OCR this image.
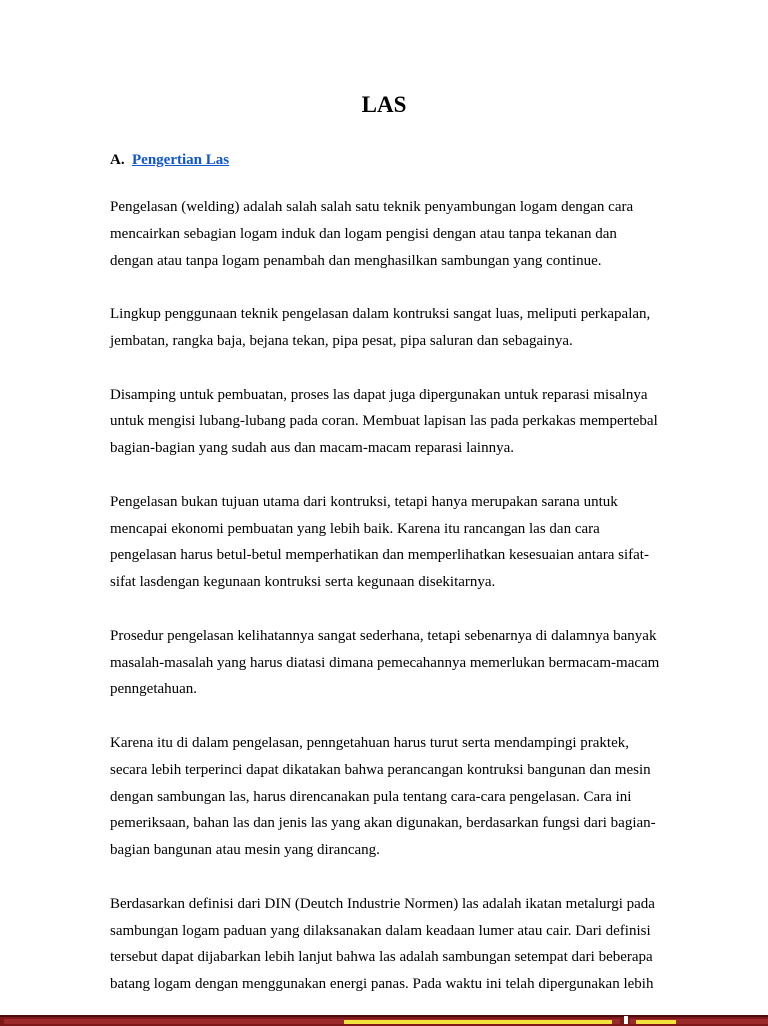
LAS
A. Pengertian Las

Pengelasan (welding) adalah salah salah satu teknik penyambungan logam dengan cara
mencairkan sebagian logam induk dan logam pengisi dengan atau tanpa tekanan dan
dengan atau tanpa logam penambah dan menghasilkan sambungan yang continue.

Lingkup penggunaan teknik pengelasan dalam kontruksi sangat luas, meliputi perkapalan,
jembatan, rangka baja, bejana tekan, pipa pesat, pipa saluran dan sebagainya.

Disamping untuk pembuatan, proses las dapat juga dipergunakan untuk reparasi misalnya
untuk mengisi lubang-lubang pada coran. Membuat lapisan las pada perkakas mempertebal
bagian-bagian yang sudah aus dan macam-macam reparasi lainnya.

Pengelasan bukan tujuan utama dari kontruksi, tetapi hanya merupakan sarana untuk
mencapai ekonomi pembuatan yang lebih baik. Karena itu rancangan las dan cara
pengelasan harus betul-betul memperhatikan dan memperlihatkan kesesuaian antara sifat-
sifat lasdengan kegunaan kontruksi serta kegunaan disekitarnya.

Prosedur pengelasan kelihatannya sangat sederhana, tetapi sebenarnya di dalamnya banyak
masalah-masalah yang harus diatasi dimana pemecahannya memerlukan bermacam-macam
penngetahuan.

Karena itu di dalam pengelasan, penngetahuan harus turut serta mendampingi praktek,
secara lebih terperinci dapat dikatakan bahwa perancangan kontruksi bangunan dan mesin
dengan sambungan las, harus direncanakan pula tentang cara-cara pengelasan. Cara ini
pemeriksaan, bahan las dan jenis las yang akan digunakan, berdasarkan fungsi dari bagian-
bagian bangunan atau mesin yang dirancang.

Berdasarkan definisi dari DIN (Deutch Industrie Normen) las adalah ikatan metalurgi pada
sambungan logam paduan yang dilaksanakan dalam keadaan lumer atau cair. Dari definisi
tersebut dapat dijabarkan lebih lanjut bahwa las adalah sambungan setempat dari beberapa
batang logam dengan menggunakan energi panas. Pada waktu ini telah dipergunakan lebih
